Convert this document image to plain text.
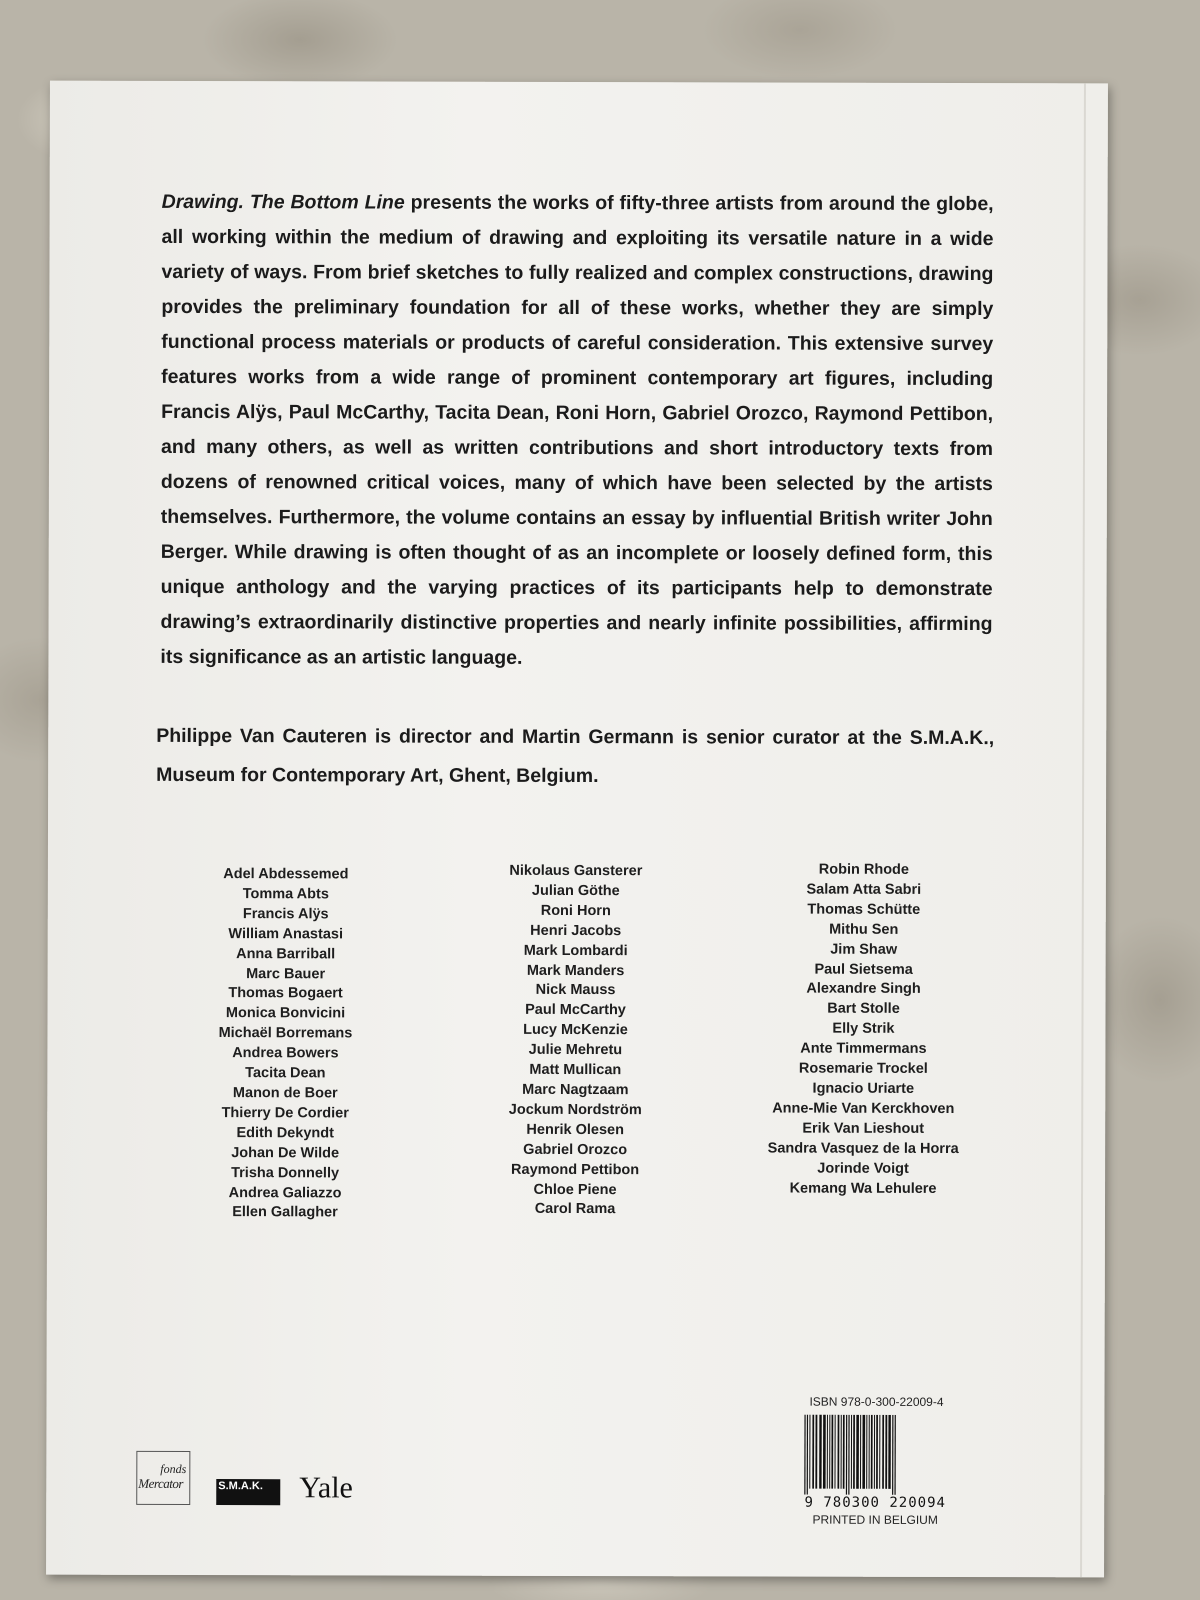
Drawing. The Bottom Line presents the works of fifty-three artists from around the globe, all working within the medium of drawing and exploiting its versatile nature in a wide variety of ways. From brief sketches to fully realized and complex constructions, drawing provides the preliminary foundation for all of these works, whether they are simply functional process materials or products of careful consideration. This extensive survey features works from a wide range of prominent contemporary art figures, including Francis Alÿs, Paul McCarthy, Tacita Dean, Roni Horn, Gabriel Orozco, Raymond Pettibon, and many others, as well as written contributions and short introductory texts from dozens of renowned critical voices, many of which have been selected by the artists themselves. Furthermore, the volume contains an essay by influential British writer John Berger. While drawing is often thought of as an incomplete or loosely defined form, this unique anthology and the varying practices of its participants help to demonstrate drawing’s extraordinarily distinctive properties and nearly infinite possibilities, affirming its significance as an artistic language.

Philippe Van Cauteren is director and Martin Germann is senior curator at the S.M.A.K., Museum for Contemporary Art, Ghent, Belgium.

Adel Abdessemed
Tomma Abts
Francis Alÿs
William Anastasi
Anna Barriball
Marc Bauer
Thomas Bogaert
Monica Bonvicini
Michaël Borremans
Andrea Bowers
Tacita Dean
Manon de Boer
Thierry De Cordier
Edith Dekyndt
Johan De Wilde
Trisha Donnelly
Andrea Galiazzo
Ellen Gallagher
Nikolaus Gansterer
Julian Göthe
Roni Horn
Henri Jacobs
Mark Lombardi
Mark Manders
Nick Mauss
Paul McCarthy
Lucy McKenzie
Julie Mehretu
Matt Mullican
Marc Nagtzaam
Jockum Nordström
Henrik Olesen
Gabriel Orozco
Raymond Pettibon
Chloe Piene
Carol Rama
Robin Rhode
Salam Atta Sabri
Thomas Schütte
Mithu Sen
Jim Shaw
Paul Sietsema
Alexandre Singh
Bart Stolle
Elly Strik
Ante Timmermans
Rosemarie Trockel
Ignacio Uriarte
Anne-Mie Van Kerckhoven
Erik Van Lieshout
Sandra Vasquez de la Horra
Jorinde Voigt
Kemang Wa Lehulere
fonds
Mercator	S.M.A.K.	Yale
ISBN 978-0-300-22009-4
9 780300 220094
PRINTED IN BELGIUM
